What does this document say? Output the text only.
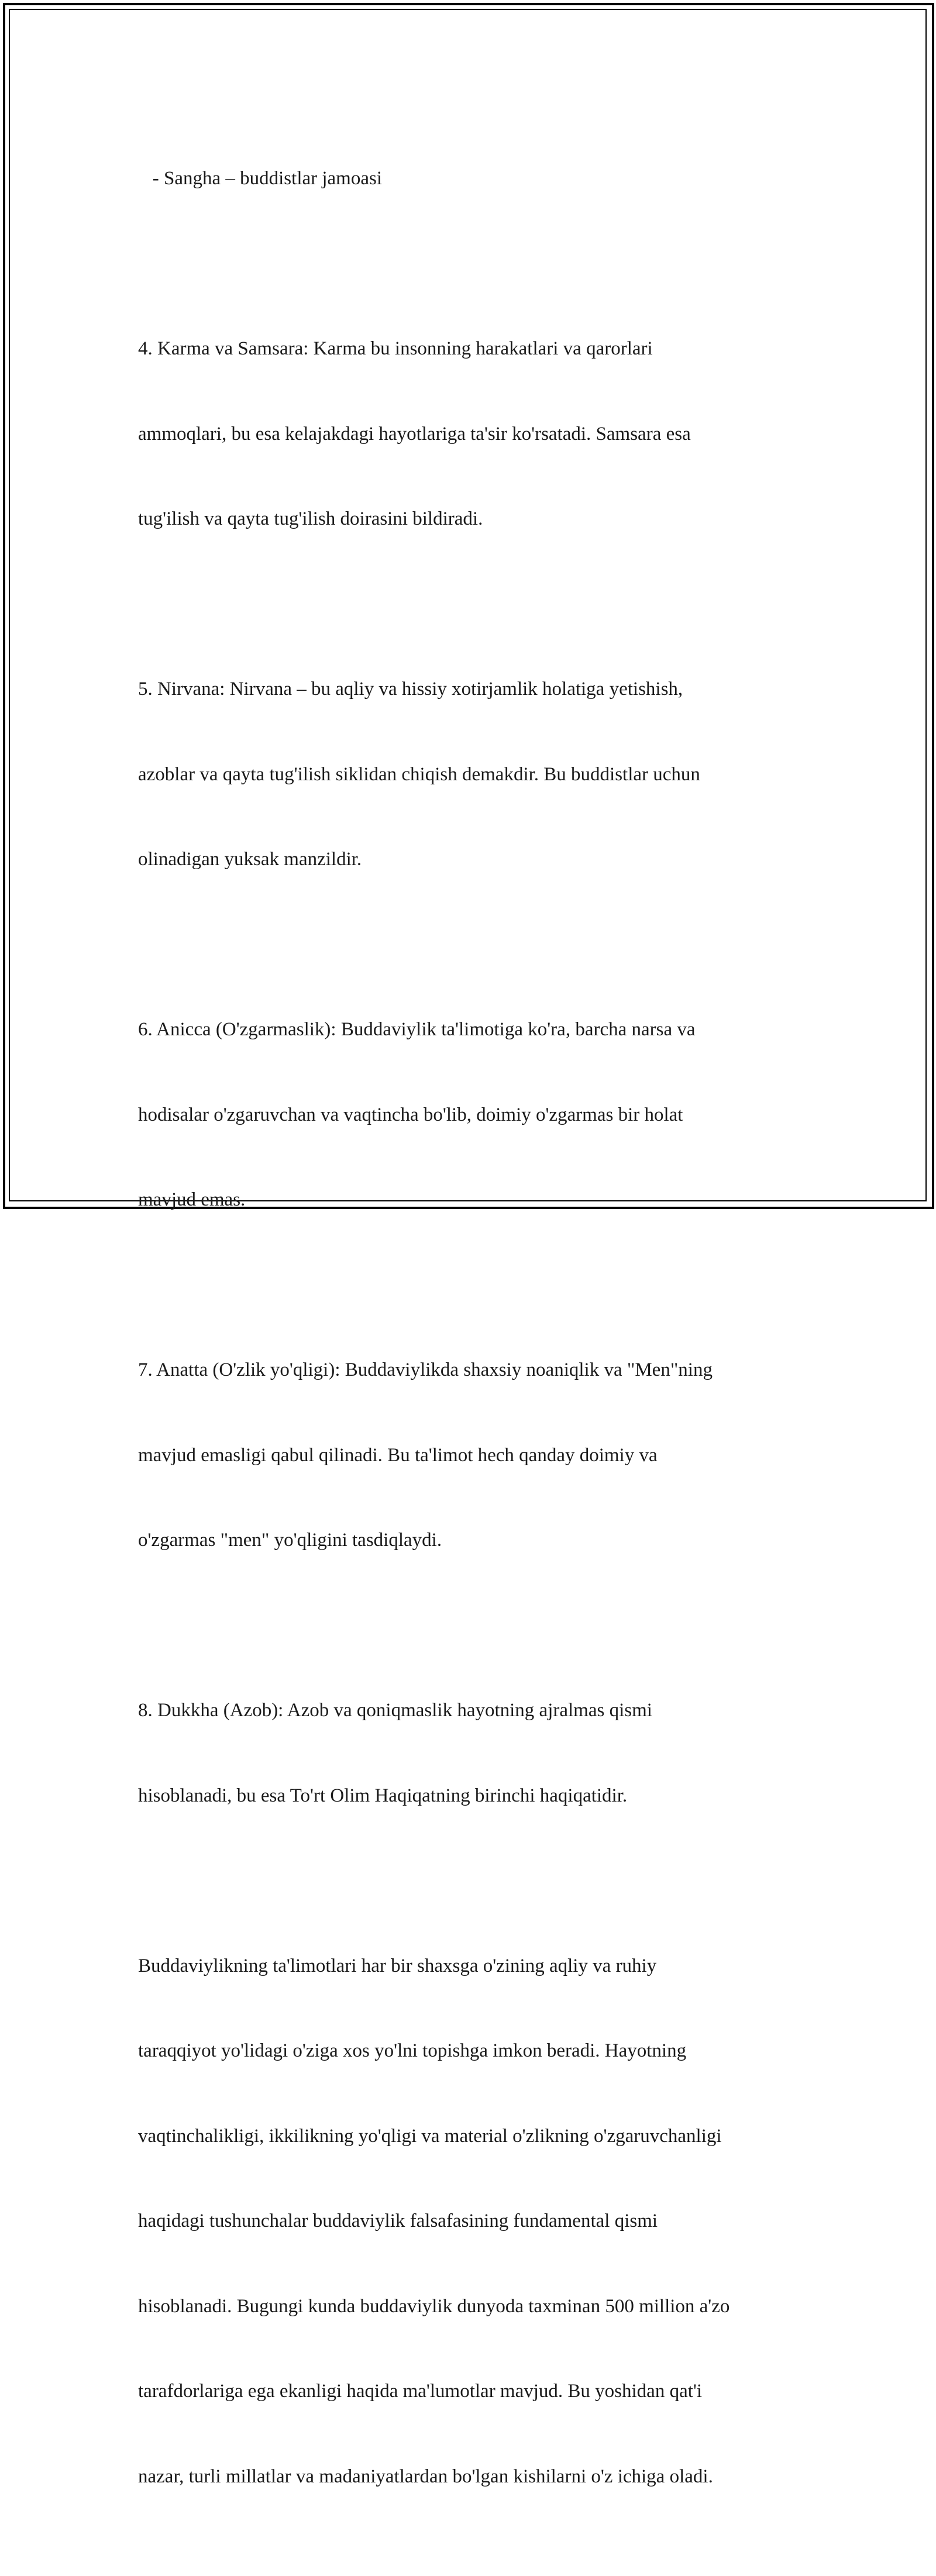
- Sangha – buddistlar jamoasi

4. Karma va Samsara: Karma bu insonning harakatlari va qarorlari

ammoqlari, bu esa kelajakdagi hayotlariga ta'sir ko'rsatadi. Samsara esa

tug'ilish va qayta tug'ilish doirasini bildiradi.

5. Nirvana: Nirvana – bu aqliy va hissiy xotirjamlik holatiga yetishish,

azoblar va qayta tug'ilish siklidan chiqish demakdir. Bu buddistlar uchun

olinadigan yuksak manzildir.

6. Anicca (O'zgarmaslik): Buddaviylik ta'limotiga ko'ra, barcha narsa va

hodisalar o'zgaruvchan va vaqtincha bo'lib, doimiy o'zgarmas bir holat

mavjud emas.

7. Anatta (O'zlik yo'qligi): Buddaviylikda shaxsiy noaniqlik va "Men"ning

mavjud emasligi qabul qilinadi. Bu ta'limot hech qanday doimiy va

o'zgarmas "men" yo'qligini tasdiqlaydi.

8. Dukkha (Azob): Azob va qoniqmaslik hayotning ajralmas qismi

hisoblanadi, bu esa To'rt Olim Haqiqatning birinchi haqiqatidir.

Buddaviylikning ta'limotlari har bir shaxsga o'zining aqliy va ruhiy

taraqqiyot yo'lidagi o'ziga xos yo'lni topishga imkon beradi. Hayotning

vaqtinchalikligi, ikkilikning yo'qligi va material o'zlikning o'zgaruvchanligi

haqidagi tushunchalar buddaviylik falsafasining fundamental qismi

hisoblanadi. Bugungi kunda buddaviylik dunyoda taxminan 500 million a'zo

tarafdorlariga ega ekanligi haqida ma'lumotlar mavjud. Bu yoshidan qat'i

nazar, turli millatlar va madaniyatlardan bo'lgan kishilarni o'z ichiga oladi.
